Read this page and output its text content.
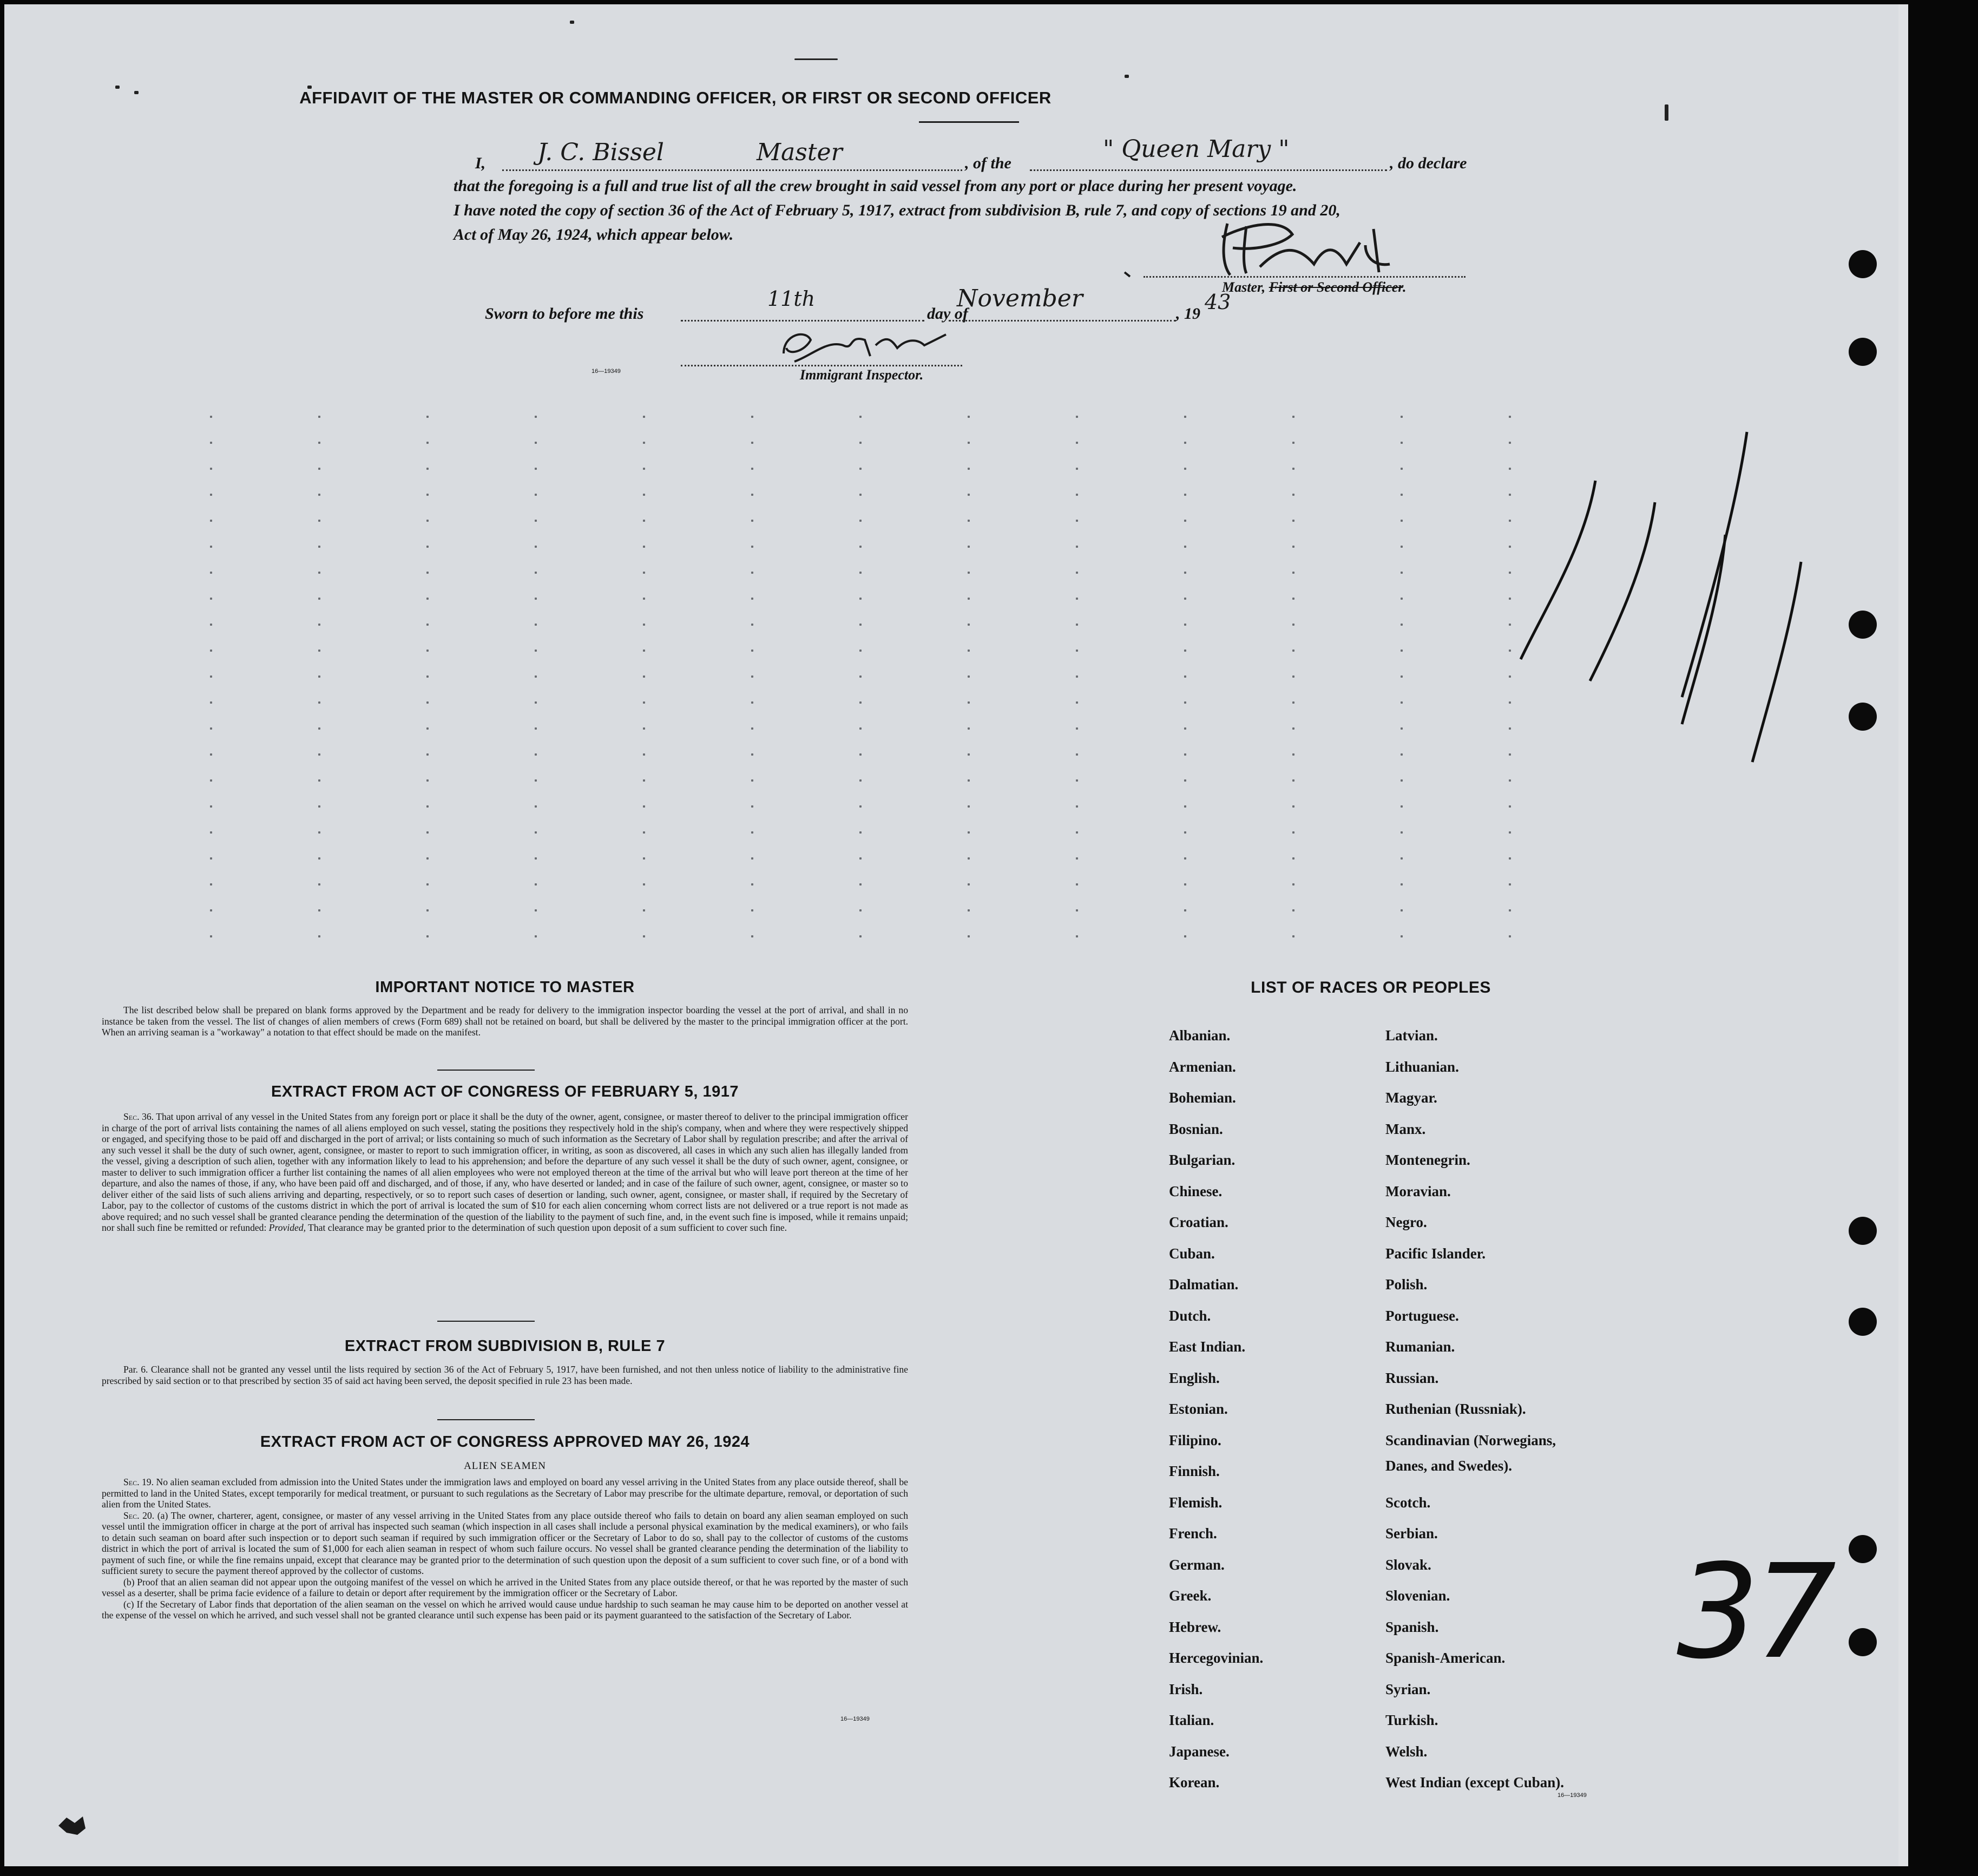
AFFIDAVIT OF THE MASTER OR COMMANDING OFFICER, OR FIRST OR SECOND OFFICER
I, J. C. Bissel	Master	, of the
" Queen Mary "
, do declare
that the foregoing is a full and true list of all the crew brought in said vessel from any port or place during her present voyage.
I have noted the copy of section 36 of the Act of February 5, 1917, extract from subdivision B, rule 7, and copy of sections 19 and 20,
Act of May 26, 1924, which appear below.
Master, First or Second Officer.
Sworn to before me this
11th
day of
November
, 19 43
16—19349	Immigrant Inspector.
IMPORTANT NOTICE TO MASTER

The list described below shall be prepared on blank forms approved by the Department and be ready for delivery to the immigration inspector boarding the vessel at the port of arrival, and shall in no instance be taken from the vessel. The list of changes of alien members of crews (Form 689) shall not be retained on board, but shall be delivered by the master to the principal immigration officer at the port. When an arriving seaman is a "workaway" a notation to that effect should be made on the manifest.

EXTRACT FROM ACT OF CONGRESS OF FEBRUARY 5, 1917

Sec. 36. That upon arrival of any vessel in the United States from any foreign port or place it shall be the duty of the owner, agent, consignee, or master thereof to deliver to the principal immigration officer in charge of the port of arrival lists containing the names of all aliens employed on such vessel, stating the positions they respectively hold in the ship's company, when and where they were respectively shipped or engaged, and specifying those to be paid off and discharged in the port of arrival; or lists containing so much of such information as the Secretary of Labor shall by regulation prescribe; and after the arrival of any such vessel it shall be the duty of such owner, agent, consignee, or master to report to such immigration officer, in writing, as soon as discovered, all cases in which any such alien has illegally landed from the vessel, giving a description of such alien, together with any information likely to lead to his apprehension; and before the departure of any such vessel it shall be the duty of such owner, agent, consignee, or master to deliver to such immigration officer a further list containing the names of all alien employees who were not employed thereon at the time of the arrival but who will leave port thereon at the time of her departure, and also the names of those, if any, who have been paid off and discharged, and of those, if any, who have deserted or landed; and in case of the failure of such owner, agent, consignee, or master so to deliver either of the said lists of such aliens arriving and departing, respectively, or so to report such cases of desertion or landing, such owner, agent, consignee, or master shall, if required by the Secretary of Labor, pay to the collector of customs of the customs district in which the port of arrival is located the sum of $10 for each alien concerning whom correct lists are not delivered or a true report is not made as above required; and no such vessel shall be granted clearance pending the determination of the question of the liability to the payment of such fine, and, in the event such fine is imposed, while it remains unpaid; nor shall such fine be remitted or refunded: Provided, That clearance may be granted prior to the determination of such question upon deposit of a sum sufficient to cover such fine.

EXTRACT FROM SUBDIVISION B, RULE 7

Par. 6. Clearance shall not be granted any vessel until the lists required by section 36 of the Act of February 5, 1917, have been furnished, and not then unless notice of liability to the administrative fine prescribed by said section or to that prescribed by section 35 of said act having been served, the deposit specified in rule 23 has been made.

EXTRACT FROM ACT OF CONGRESS APPROVED MAY 26, 1924
ALIEN SEAMEN

Sec. 19. No alien seaman excluded from admission into the United States under the immigration laws and employed on board any vessel arriving in the United States from any place outside thereof, shall be permitted to land in the United States, except temporarily for medical treatment, or pursuant to such regulations as the Secretary of Labor may prescribe for the ultimate departure, removal, or deportation of such alien from the United States.

Sec. 20. (a) The owner, charterer, agent, consignee, or master of any vessel arriving in the United States from any place outside thereof who fails to detain on board any alien seaman employed on such vessel until the immigration officer in charge at the port of arrival has inspected such seaman (which inspection in all cases shall include a personal physical examination by the medical examiners), or who fails to detain such seaman on board after such inspection or to deport such seaman if required by such immigration officer or the Secretary of Labor to do so, shall pay to the collector of customs of the customs district in which the port of arrival is located the sum of $1,000 for each alien seaman in respect of whom such failure occurs. No vessel shall be granted clearance pending the determination of the liability to payment of such fine, or while the fine remains unpaid, except that clearance may be granted prior to the determination of such question upon the deposit of a sum sufficient to cover such fine, or of a bond with sufficient surety to secure the payment thereof approved by the collector of customs.

(b) Proof that an alien seaman did not appear upon the outgoing manifest of the vessel on which he arrived in the United States from any place outside thereof, or that he was reported by the master of such vessel as a deserter, shall be prima facie evidence of a failure to detain or deport after requirement by the immigration officer or the Secretary of Labor.

(c) If the Secretary of Labor finds that deportation of the alien seaman on the vessel on which he arrived would cause undue hardship to such seaman he may cause him to be deported on another vessel at the expense of the vessel on which he arrived, and such vessel shall not be granted clearance until such expense has been paid or its payment guaranteed to the satisfaction of the Secretary of Labor.

16—19349
LIST OF RACES OR PEOPLES
Albanian.
Armenian.
Bohemian.
Bosnian.
Bulgarian.
Chinese.
Croatian.
Cuban.
Dalmatian.
Dutch.
East Indian.
English.
Estonian.
Filipino.
Finnish.
Flemish.
French.
German.
Greek.
Hebrew.
Hercegovinian.
Irish.
Italian.
Japanese.
Korean.
Latvian.
Lithuanian.
Magyar.
Manx.
Montenegrin.
Moravian.
Negro.
Pacific Islander.
Polish.
Portuguese.
Rumanian.
Russian.
Ruthenian (Russniak).
Scandinavian (Norwegians,
Scotch.
Serbian.
Slovak.
Slovenian.
Spanish.
Spanish-American.
Syrian.
Turkish.
Welsh.
West Indian (except Cuban).
Danes, and Swedes).
16—19349
37
